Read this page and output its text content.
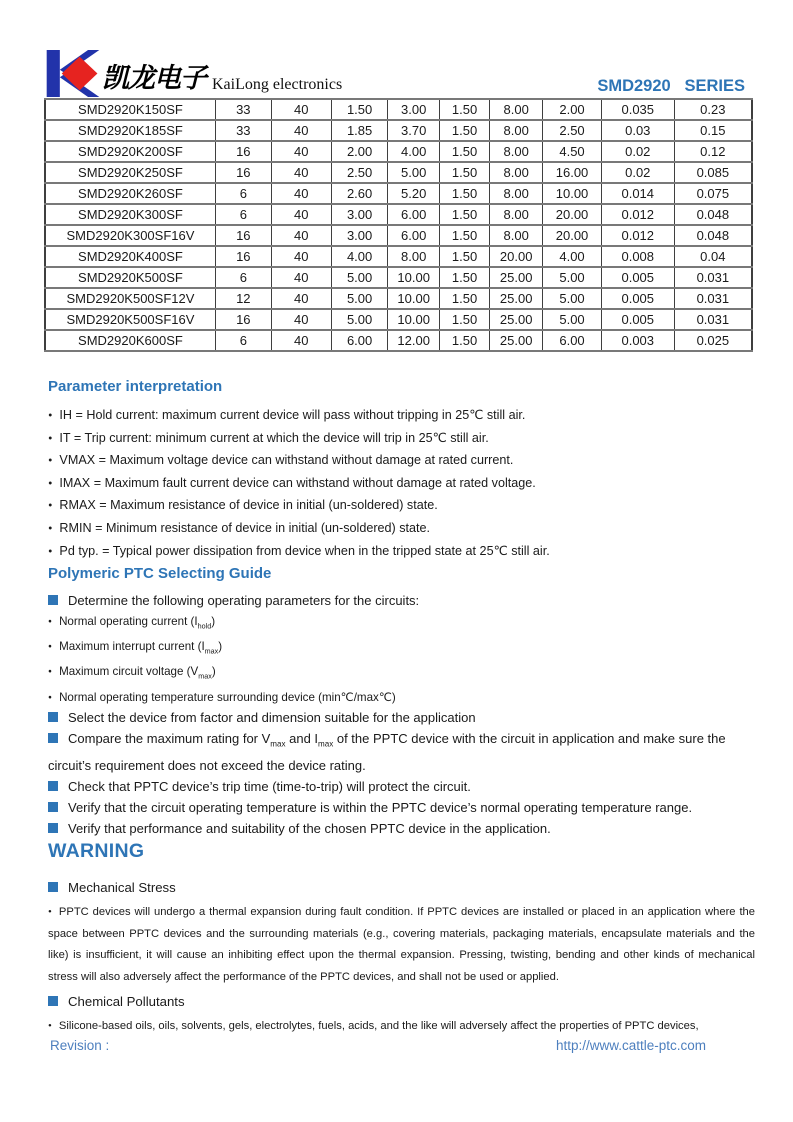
凯龙电子 KaiLong electronics	SMD2920   SERIES
SMD2920K150SF	33	40	1.50	3.00	1.50	8.00	2.00	0.035	0.23
SMD2920K185SF	33	40	1.85	3.70	1.50	8.00	2.50	0.03	0.15
SMD2920K200SF	16	40	2.00	4.00	1.50	8.00	4.50	0.02	0.12
SMD2920K250SF	16	40	2.50	5.00	1.50	8.00	16.00	0.02	0.085
SMD2920K260SF	6	40	2.60	5.20	1.50	8.00	10.00	0.014	0.075
SMD2920K300SF	6	40	3.00	6.00	1.50	8.00	20.00	0.012	0.048
SMD2920K300SF16V	16	40	3.00	6.00	1.50	8.00	20.00	0.012	0.048
SMD2920K400SF	16	40	4.00	8.00	1.50	20.00	4.00	0.008	0.04
SMD2920K500SF	6	40	5.00	10.00	1.50	25.00	5.00	0.005	0.031
SMD2920K500SF12V	12	40	5.00	10.00	1.50	25.00	5.00	0.005	0.031
SMD2920K500SF16V	16	40	5.00	10.00	1.50	25.00	5.00	0.005	0.031
SMD2920K600SF	6	40	6.00	12.00	1.50	25.00	6.00	0.003	0.025
Parameter interpretation
• IH = Hold current: maximum current device will pass without tripping in 25℃ still air.
• IT = Trip current: minimum current at which the device will trip in 25℃ still air.
• VMAX = Maximum voltage device can withstand without damage at rated current.
• IMAX = Maximum fault current device can withstand without damage at rated voltage.
• RMAX = Maximum resistance of device in initial (un-soldered) state.
• RMIN = Minimum resistance of device in initial (un-soldered) state.
• Pd typ. = Typical power dissipation from device when in the tripped state at 25℃ still air.
Polymeric PTC Selecting Guide
Determine the following operating parameters for the circuits:
• Normal operating current $(I_{hold})$
• Maximum interrupt current $(I_{max})$
• Maximum circuit voltage $(V_{max})$
• Normal operating temperature surrounding device (min℃/max℃)
Select the device from factor and dimension suitable for the application
Compare the maximum rating for $V_{max}$ and $I_{max}$ of the PPTC device with the circuit in application and make sure the circuit’s requirement does not exceed the device rating.
Check that PPTC device’s trip time (time-to-trip) will protect the circuit.
Verify that the circuit operating temperature is within the PPTC device’s normal operating temperature range.
Verify that performance and suitability of the chosen PPTC device in the application.
WARNING
Mechanical Stress
• PPTC devices will undergo a thermal expansion during fault condition. If PPTC devices are installed or placed in an application where the space between PPTC devices and the surrounding materials (e.g., covering materials, packaging materials, encapsulate materials and the like) is insufficient, it will cause an inhibiting effect upon the thermal expansion. Pressing, twisting, bending and other kinds of mechanical stress will also adversely affect the performance of the PPTC devices, and shall not be used or applied.
Chemical Pollutants
• Silicone-based oils, oils, solvents, gels, electrolytes, fuels, acids, and the like will adversely affect the properties of PPTC devices,
Revision :	http://www.cattle-ptc.com
